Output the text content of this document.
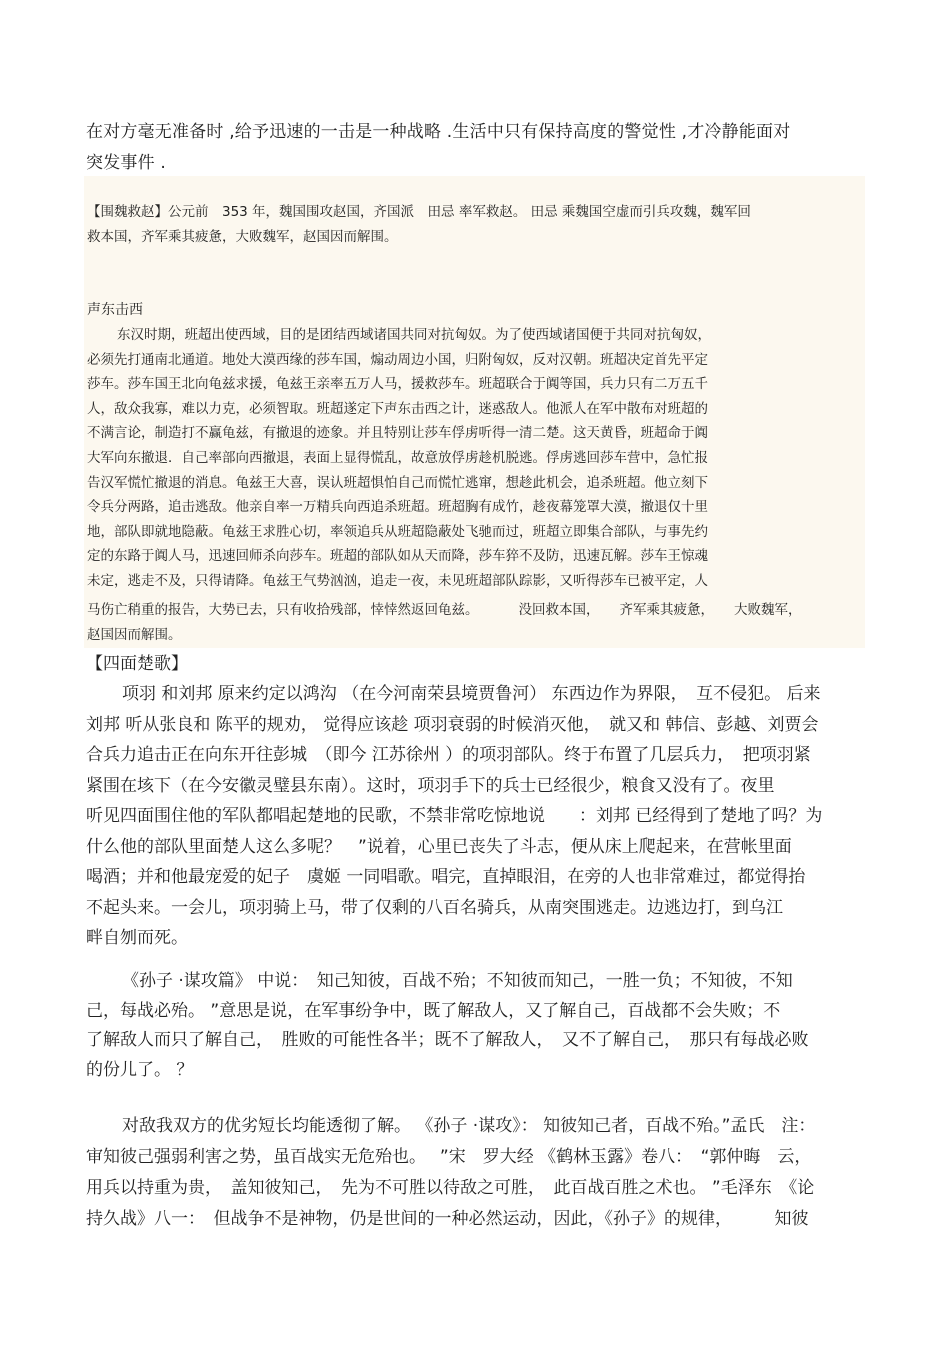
在对方毫无准备时 ,给予迅速的一击是一种战略 .生活中只有保持高度的警觉性 ,才冷静能面对
突发事件 .
【围魏救赵】公元前　353 年，魏国围攻赵国，齐国派　田忌 率军救赵。 田忌 乘魏国空虚而引兵攻魏，魏军回
救本国，齐军乘其疲惫，大败魏军，赵国因而解围。
声东击西
东汉时期，班超出使西域，目的是团结西域诸国共同对抗匈奴。为了使西域诸国便于共同对抗匈奴，
必须先打通南北通道。地处大漠西缘的莎车国，煽动周边小国，归附匈奴，反对汉朝。班超决定首先平定
莎车。莎车国王北向龟兹求援，龟兹王亲率五万人马，援救莎车。班超联合于阗等国，兵力只有二万五千
人，敌众我寡，难以力克，必须智取。班超遂定下声东击西之计，迷惑敌人。他派人在军中散布对班超的
不满言论，制造打不赢龟兹，有撤退的迹象。并且特别让莎车俘虏听得一清二楚。这天黄昏，班超命于阗
大军向东撤退．自己率部向西撤退，表面上显得慌乱，故意放俘虏趁机脱逃。俘虏逃回莎车营中，急忙报
告汉军慌忙撤退的消息。龟兹王大喜，误认班超惧怕自己而慌忙逃窜，想趁此机会，追杀班超。他立刻下
令兵分两路，追击逃敌。他亲自率一万精兵向西追杀班超。班超胸有成竹，趁夜幕笼罩大漠，撤退仅十里
地，部队即就地隐蔽。龟兹王求胜心切，率领追兵从班超隐蔽处飞驰而过，班超立即集合部队，与事先约
定的东路于阗人马，迅速回师杀向莎车。班超的部队如从天而降，莎车猝不及防，迅速瓦解。莎车王惊魂
未定，逃走不及，只得请降。龟兹王气势汹汹，追走一夜，未见班超部队踪影，又听得莎车已被平定，人
马伤亡稍重的报告，大势已去，只有收拾残部，悻悻然返回龟兹。	没回救本国， 齐军乘其疲惫， 大败魏军，
赵国因而解围。
【四面楚歌】
项羽 和刘邦 原来约定以鸿沟 （在今河南荣县境贾鲁河） 东西边作为界限，　互不侵犯。 后来
刘邦 听从张良和 陈平的规劝， 觉得应该趁 项羽衰弱的时候消灭他，　就又和 韩信、彭越、刘贾会
合兵力追击正在向东开往彭城　（即今 江苏徐州 ）的项羽部队。终于布置了几层兵力，　把项羽紧
紧围在垓下（在今安徽灵璧县东南）。这时，项羽手下的兵士已经很少，粮食又没有了。夜里
听见四面围住他的军队都唱起楚地的民歌，不禁非常吃惊地说　　：刘邦 已经得到了楚地了吗？为
什么他的部队里面楚人这么多呢？　”说着，心里已丧失了斗志，便从床上爬起来，在营帐里面
喝酒；并和他最宠爱的妃子　虞姬 一同唱歌。唱完，直掉眼泪，在旁的人也非常难过，都觉得抬
不起头来。一会儿，项羽骑上马，带了仅剩的八百名骑兵，从南突围逃走。边逃边打，到乌江
畔自刎而死。
《孙子 ·谋攻篇》 中说：　知己知彼，百战不殆；不知彼而知己，一胜一负；不知彼，不知
己，每战必殆。 ”意思是说，在军事纷争中，既了解敌人，又了解自己，百战都不会失败；不
了解敌人而只了解自己，　胜败的可能性各半；既不了解敌人，　又不了解自己，　那只有每战必败
的份儿了。 ？
对敌我双方的优劣短长均能透彻了解。 《孙子 ·谋攻》： 知彼知己者，百战不殆。”孟氏　注：
审知彼己强弱利害之势，虽百战实无危殆也。　 ”宋　罗大经 《鹤林玉露》卷八：　“郭仲晦　云，
用兵以持重为贵，　盖知彼知己，　先为不可胜以待敌之可胜，　此百战百胜之术也。 ”毛泽东　《论
持久战》八一：　但战争不是神物，仍是世间的一种必然运动，因此，《孙子》的规律，　　　知彼
